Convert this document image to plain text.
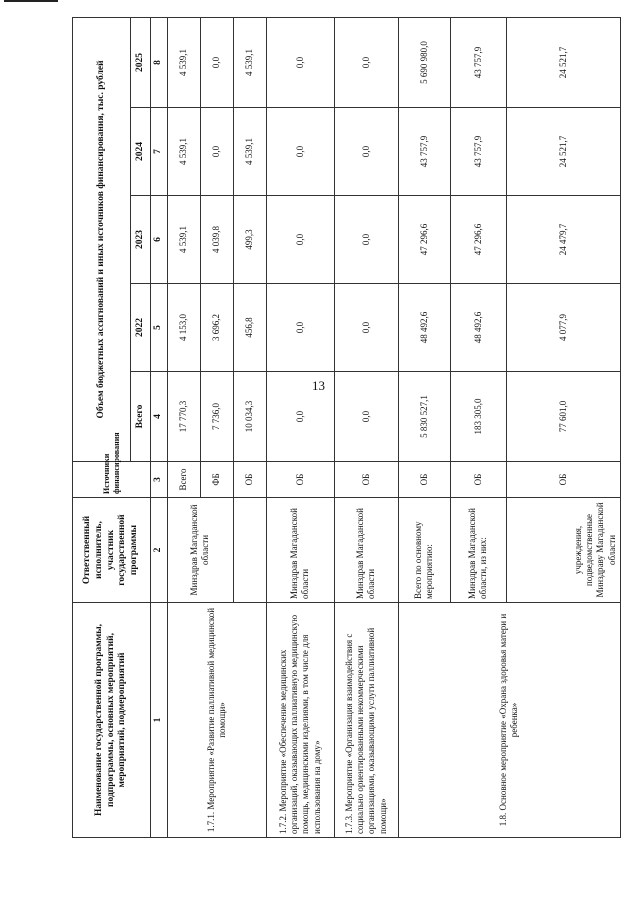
13
Наименование государственной программы, подпрограммы, основных мероприятий, мероприятий, подмероприятий	Ответственный исполнитель, участник государственной программы	Источники финансирования	Объем бюджетных ассигнований и иных источников финансирования, тыс. рублей				
			Всего	2022	2023	2024	2025
1	2	3	4	5	6	7	8
1.7.1. Мероприятие «Развитие паллиативной медицинской помощи»	Минздрав Магаданской области	Всего	17 770,3	4 153,0	4 539,1	4 539,1	4 539,1
		ФБ	7 736,0	3 696,2	4 039,8	0,0	0,0
		ОБ	10 034,3	456,8	499,3	4 539,1	4 539,1
1.7.2. Мероприятие «Обеспечение медицинских организаций, оказывающих паллиативную медицинскую помощь, медицинскими изделиями, в том числе для использования на дому»	Минздрав Магаданской области	ОБ	0,0	0,0	0,0	0,0	0,0
1.7.3. Мероприятие «Организация взаимодействия с социально ориентированными некоммерческими организациями, оказывающими услуги паллиативной помощи»	Минздрав Магаданской области	ОБ	0,0	0,0	0,0	0,0	0,0
1.8. Основное мероприятие «Охрана здоровья матери и ребенка»	Всего по основному мероприятию:	ОБ	5 830 527,1	48 492,6	47 296,6	43 757,9	5 690 980,0
	Минздрав Магаданской области, из них:	ОБ	183 305,0	48 492,6	47 296,6	43 757,9	43 757,9
	учреждения, подведомственные Минздраву Магаданской области	ОБ	77 601,0	4 077,9	24 479,7	24 521,7	24 521,7
